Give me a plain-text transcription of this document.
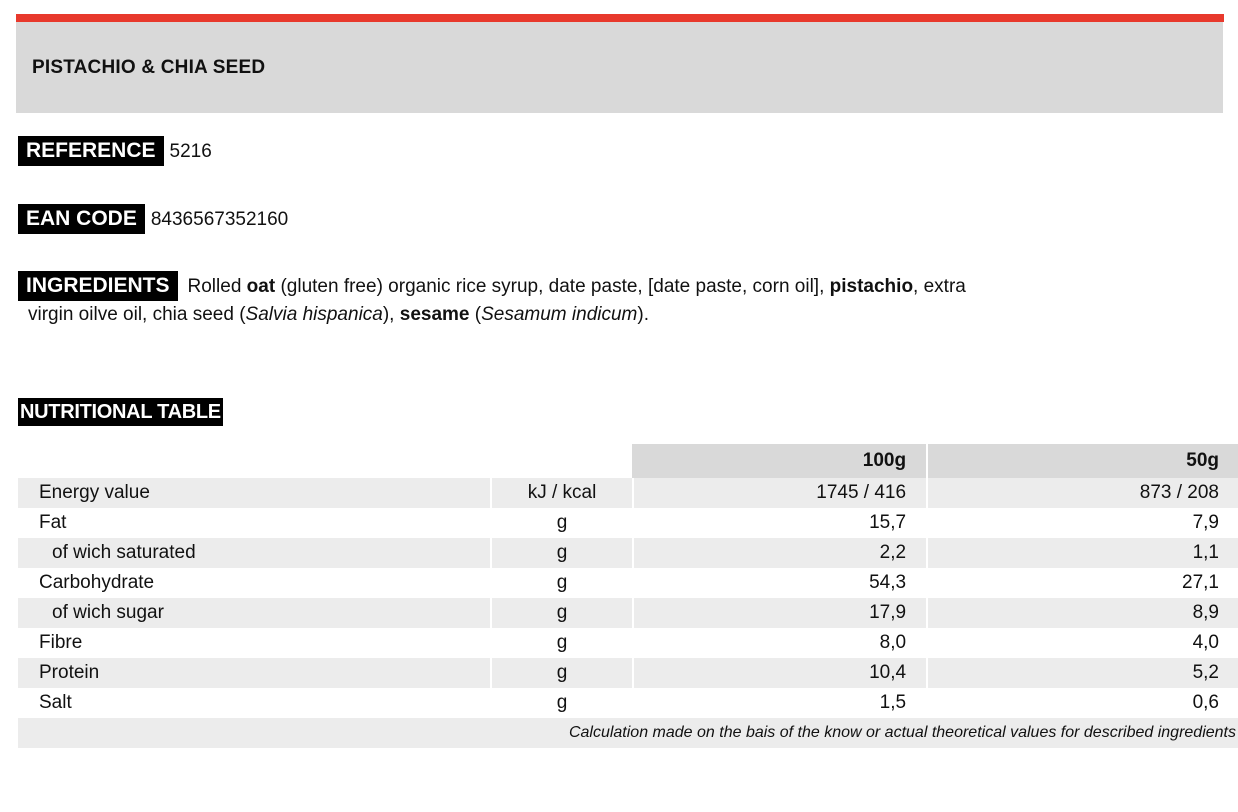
PISTACHIO & CHIA SEED
REFERENCE 5216
EAN CODE 8436567352160
INGREDIENTS Rolled oat (gluten free) organic rice syrup, date paste, [date paste, corn oil], pistachio, extra
virgin oilve oil, chia seed (Salvia hispanica), sesame (Sesamum indicum).
NUTRITIONAL TABLE
		100g	50g
Energy value	kJ / kcal	1745 / 416	873 / 208
Fat	g	15,7	7,9
of wich saturated	g	2,2	1,1
Carbohydrate	g	54,3	27,1
of wich sugar	g	17,9	8,9
Fibre	g	8,0	4,0
Protein	g	10,4	5,2
Salt	g	1,5	0,6
Calculation made on the bais of the know or actual theoretical values for described ingredients			
